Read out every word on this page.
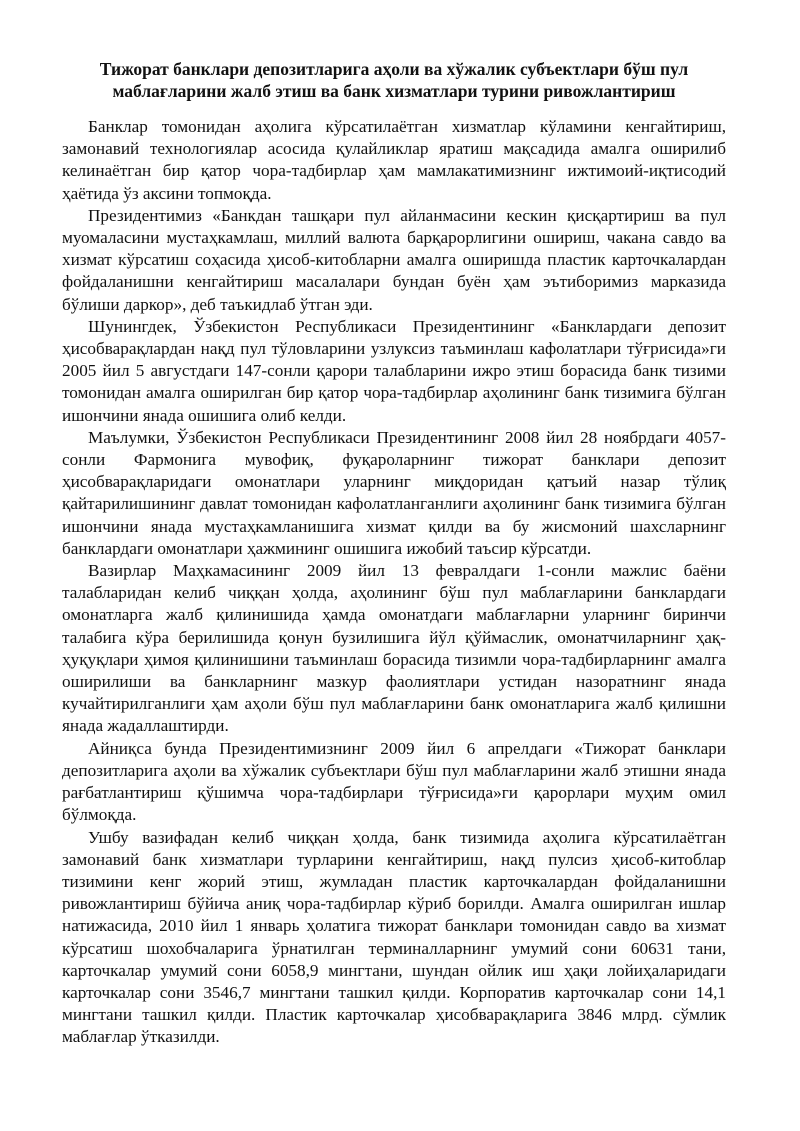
Тижорат банклари депозитларига аҳоли ва хўжалик субъектлари бўш пул
маблағларини жалб этиш ва банк хизматлари турини ривожлантириш

Банклар томонидан аҳолига кўрсатилаётган хизматлар кўламини кенгайтириш, замонавий технологиялар асосида қулайликлар яратиш мақсадида амалга оширилиб келинаётган бир қатор чора-тадбирлар ҳам мамлакатимизнинг ижтимоий-иқтисодий ҳаётида ўз аксини топмоқда.

Президентимиз «Банкдан ташқари пул айланмасини кескин қисқартириш ва пул муомаласини мустаҳкамлаш, миллий валюта барқарорлигини ошириш, чакана савдо ва хизмат кўрсатиш соҳасида ҳисоб-китобларни амалга оширишда пластик карточкалардан фойдаланишни кенгайтириш масалалари бундан буён ҳам эътиборимиз марказида бўлиши даркор», деб таъкидлаб ўтган эди.

Шунингдек, Ўзбекистон Республикаси Президентининг «Банклардаги депозит ҳисобварақлардан нақд пул тўловларини узлуксиз таъминлаш кафолатлари тўғрисида»ги 2005 йил 5 августдаги 147-сонли қарори талабларини ижро этиш борасида банк тизими томонидан амалга оширилган бир қатор чора-тадбирлар аҳолининг банк тизимига бўлган ишончини янада ошишига олиб келди.

Маълумки, Ўзбекистон Республикаси Президентининг 2008 йил 28 ноябрдаги 4057-сонли Фармонига мувофиқ, фуқароларнинг тижорат банклари депозит ҳисобварақларидаги омонатлари уларнинг миқдоридан қатъий назар тўлиқ қайтарилишининг давлат томонидан кафолатланганлиги аҳолининг банк тизимига бўлган ишончини янада мустаҳкамланишига хизмат қилди ва бу жисмоний шахсларнинг банклардаги омонатлари ҳажмининг ошишига ижобий таъсир кўрсатди.

Вазирлар Маҳкамасининг 2009 йил 13 февралдаги 1-сонли мажлис баёни талабларидан келиб чиққан ҳолда, аҳолининг бўш пул маблағларини банклардаги омонатларга жалб қилинишида ҳамда омонатдаги маблағларни уларнинг биринчи талабига кўра берилишида қонун бузилишига йўл қўймаслик, омонатчиларнинг ҳақ-ҳуқуқлари ҳимоя қилинишини таъминлаш борасида тизимли чора-тадбирларнинг амалга оширилиши ва банкларнинг мазкур фаолиятлари устидан назоратнинг янада кучайтирилганлиги ҳам аҳоли бўш пул маблағларини банк омонатларига жалб қилишни янада жадаллаштирди.

Айниқса бунда Президентимизнинг 2009 йил 6 апрелдаги «Тижорат банклари депозитларига аҳоли ва хўжалик субъектлари бўш пул маблағларини жалб этишни янада рағбатлантириш қўшимча чора-тадбирлари тўғрисида»ги қарорлари муҳим омил бўлмоқда.

Ушбу вазифадан келиб чиққан ҳолда, банк тизимида аҳолига кўрсатилаётган замонавий банк хизматлари турларини кенгайтириш, нақд пулсиз ҳисоб-китоблар тизимини кенг жорий этиш, жумладан пластик карточкалардан фойдаланишни ривожлантириш бўйича аниқ чора-тадбирлар кўриб борилди. Амалга оширилган ишлар натижасида, 2010 йил 1 январь ҳолатига тижорат банклари томонидан савдо ва хизмат кўрсатиш шохобчаларига ўрнатилган терминалларнинг умумий сони 60631 тани, карточкалар умумий сони 6058,9 мингтани, шундан ойлик иш ҳақи лойиҳаларидаги карточкалар сони 3546,7 мингтани ташкил қилди. Корпоратив карточкалар сони 14,1 мингтани ташкил қилди. Пластик карточкалар ҳисобварақларига 3846 млрд. сўмлик маблағлар ўтказилди.
